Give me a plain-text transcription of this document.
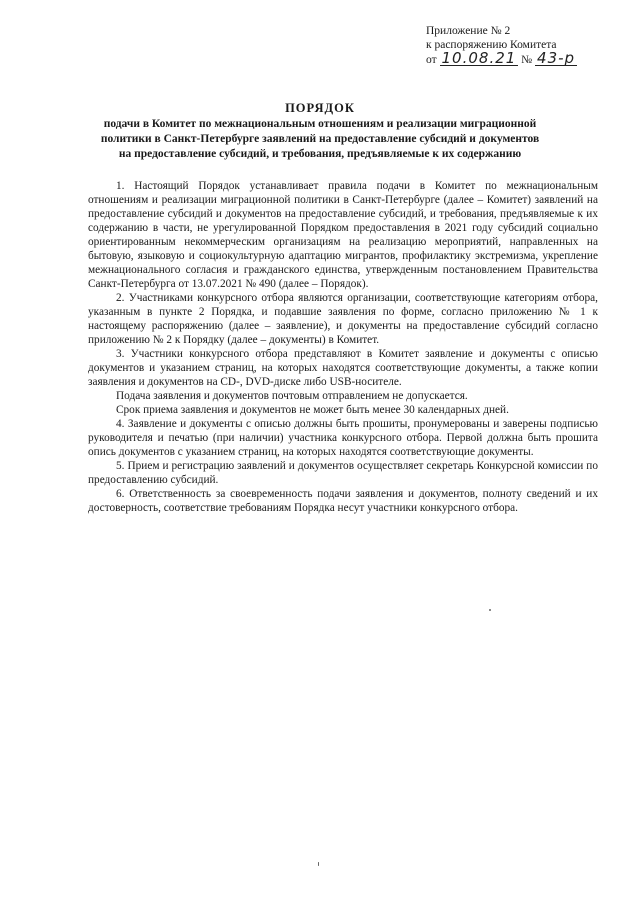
Приложение № 2
к распоряжению Комитета
от 10.08.21 № 43-р
ПОРЯДОК
подачи в Комитет по межнациональным отношениям и реализации миграционной политики в Санкт-Петербурге заявлений на предоставление субсидий и документов на предоставление субсидий, и требования, предъявляемые к их содержанию

1. Настоящий Порядок устанавливает правила подачи в Комитет по межнациональным отношениям и реализации миграционной политики в Санкт-Петербурге (далее – Комитет) заявлений на предоставление субсидий и документов на предоставление субсидий, и требования, предъявляемые к их содержанию в части, не урегулированной Порядком предоставления в 2021 году субсидий социально ориентированным некоммерческим организациям на реализацию мероприятий, направленных на бытовую, языковую и социокультурную адаптацию мигрантов, профилактику экстремизма, укрепление межнационального согласия и гражданского единства, утвержденным постановлением Правительства Санкт-Петербурга от 13.07.2021 № 490 (далее – Порядок).

2. Участниками конкурсного отбора являются организации, соответствующие категориям отбора, указанным в пункте 2 Порядка, и подавшие заявления по форме, согласно приложению № 1 к настоящему распоряжению (далее – заявление), и документы на предоставление субсидий согласно приложению № 2 к Порядку (далее – документы) в Комитет.

3. Участники конкурсного отбора представляют в Комитет заявление и документы с описью документов и указанием страниц, на которых находятся соответствующие документы, а также копии заявления и документов на CD-, DVD-диске либо USB-носителе.

Подача заявления и документов почтовым отправлением не допускается.

Срок приема заявления и документов не может быть менее 30 календарных дней.

4. Заявление и документы с описью должны быть прошиты, пронумерованы и заверены подписью руководителя и печатью (при наличии) участника конкурсного отбора. Первой должна быть прошита опись документов с указанием страниц, на которых находятся соответствующие документы.

5. Прием и регистрацию заявлений и документов осуществляет секретарь Конкурсной комиссии по предоставлению субсидий.

6. Ответственность за своевременность подачи заявления и документов, полноту сведений и их достоверность, соответствие требованиям Порядка несут участники конкурсного отбора.
